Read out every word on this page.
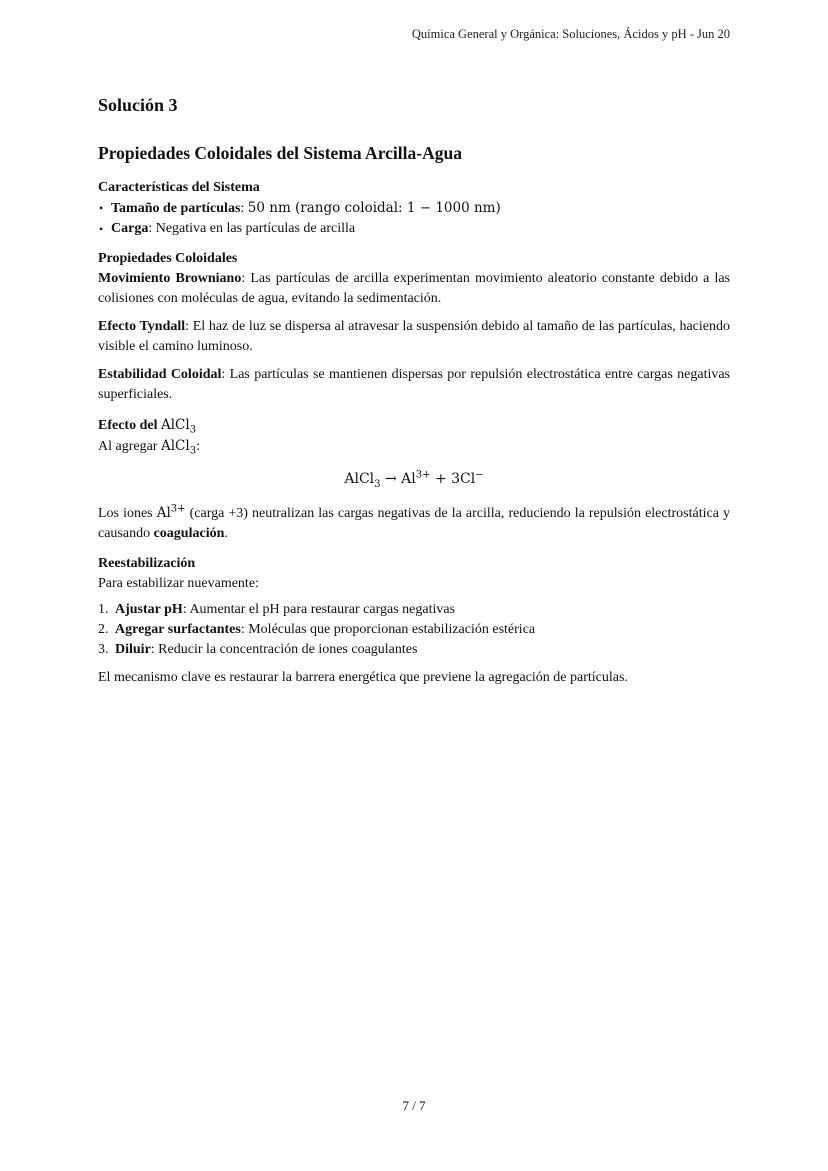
Química General y Orgánica: Soluciones, Ácidos y pH - Jun 20
Solución 3
Propiedades Coloidales del Sistema Arcilla-Agua
Características del Sistema
• Tamaño de partículas: 50 nm (rango coloidal: 1 − 1000 nm)
• Carga: Negativa en las partículas de arcilla
Propiedades Coloidales

Movimiento Browniano: Las partículas de arcilla experimentan movimiento aleatorio constante debido a las colisiones con moléculas de agua, evitando la sedimentación.

Efecto Tyndall: El haz de luz se dispersa al atravesar la suspensión debido al tamaño de las partículas, haciendo visible el camino luminoso.

Estabilidad Coloidal: Las partículas se mantienen dispersas por repulsión electrostática entre cargas negativas superficiales.

Efecto del AlCl$_3$
Al agregar AlCl$_3$:
AlCl$_3$ → $Al^{3+} + 3Cl^-$

Los iones $Al^{3+}$ (carga +3) neutralizan las cargas negativas de la arcilla, reduciendo la repulsión electrostática y causando coagulación.

Reestabilización
Para estabilizar nuevamente:
1. Ajustar pH: Aumentar el pH para restaurar cargas negativas
2. Agregar surfactantes: Moléculas que proporcionan estabilización estérica
3. Diluir: Reducir la concentración de iones coagulantes

El mecanismo clave es restaurar la barrera energética que previene la agregación de partículas.

7 / 7
